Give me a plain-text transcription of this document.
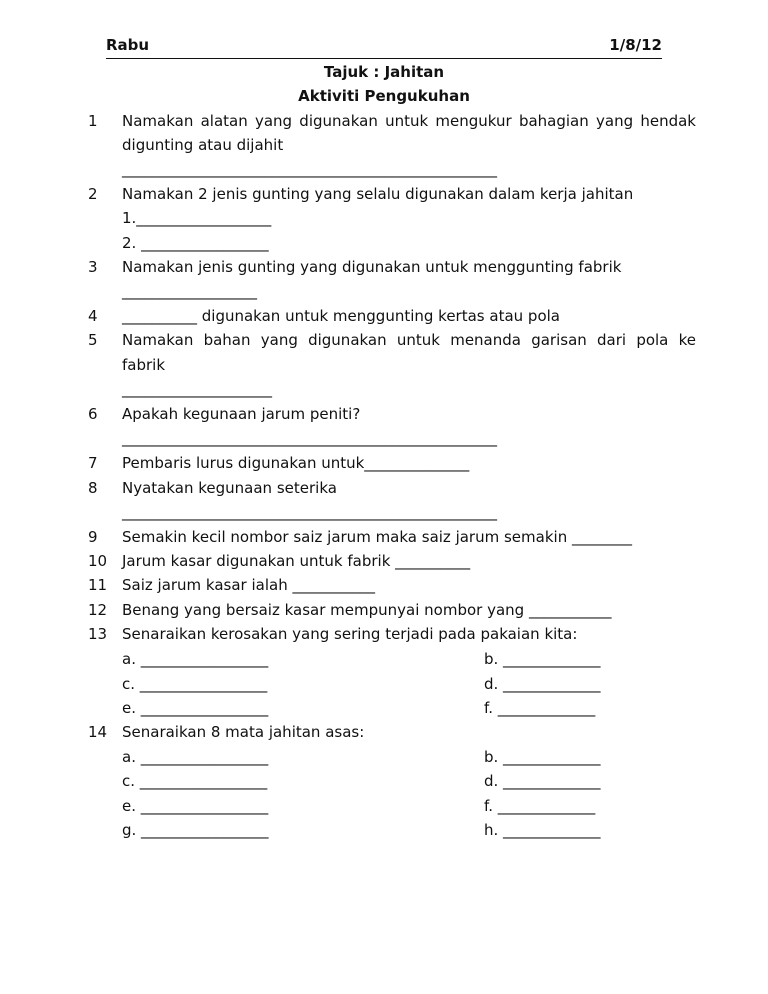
Rabu	1/8/12
Tajuk : Jahitan
Aktiviti Pengukuhan
1 Namakan alatan yang digunakan untuk mengukur bahagian yang hendak
digunting atau dijahit
__________________________________________________
2 Namakan 2 jenis gunting yang selalu digunakan dalam kerja jahitan
1.__________________
2. _________________
3 Namakan jenis gunting yang digunakan untuk menggunting fabrik
__________________
4 __________ digunakan untuk menggunting kertas atau pola
5 Namakan bahan yang digunakan untuk menanda garisan dari pola ke
fabrik
____________________
6 Apakah kegunaan jarum peniti?
__________________________________________________
7 Pembaris lurus digunakan untuk______________
8 Nyatakan kegunaan seterika
__________________________________________________
9 Semakin kecil nombor saiz jarum maka saiz jarum semakin ________
10 Jarum kasar digunakan untuk fabrik __________
11 Saiz jarum kasar ialah ___________
12 Benang yang bersaiz kasar mempunyai nombor yang ___________
13 Senaraikan kerosakan yang sering terjadi pada pakaian kita:
a. _________________	b. _____________
c. _________________	d. _____________
e. _________________	f. _____________
14 Senaraikan 8 mata jahitan asas:
a. _________________	b. _____________
c. _________________	d. _____________
e. _________________	f. _____________
g. _________________	h. _____________
